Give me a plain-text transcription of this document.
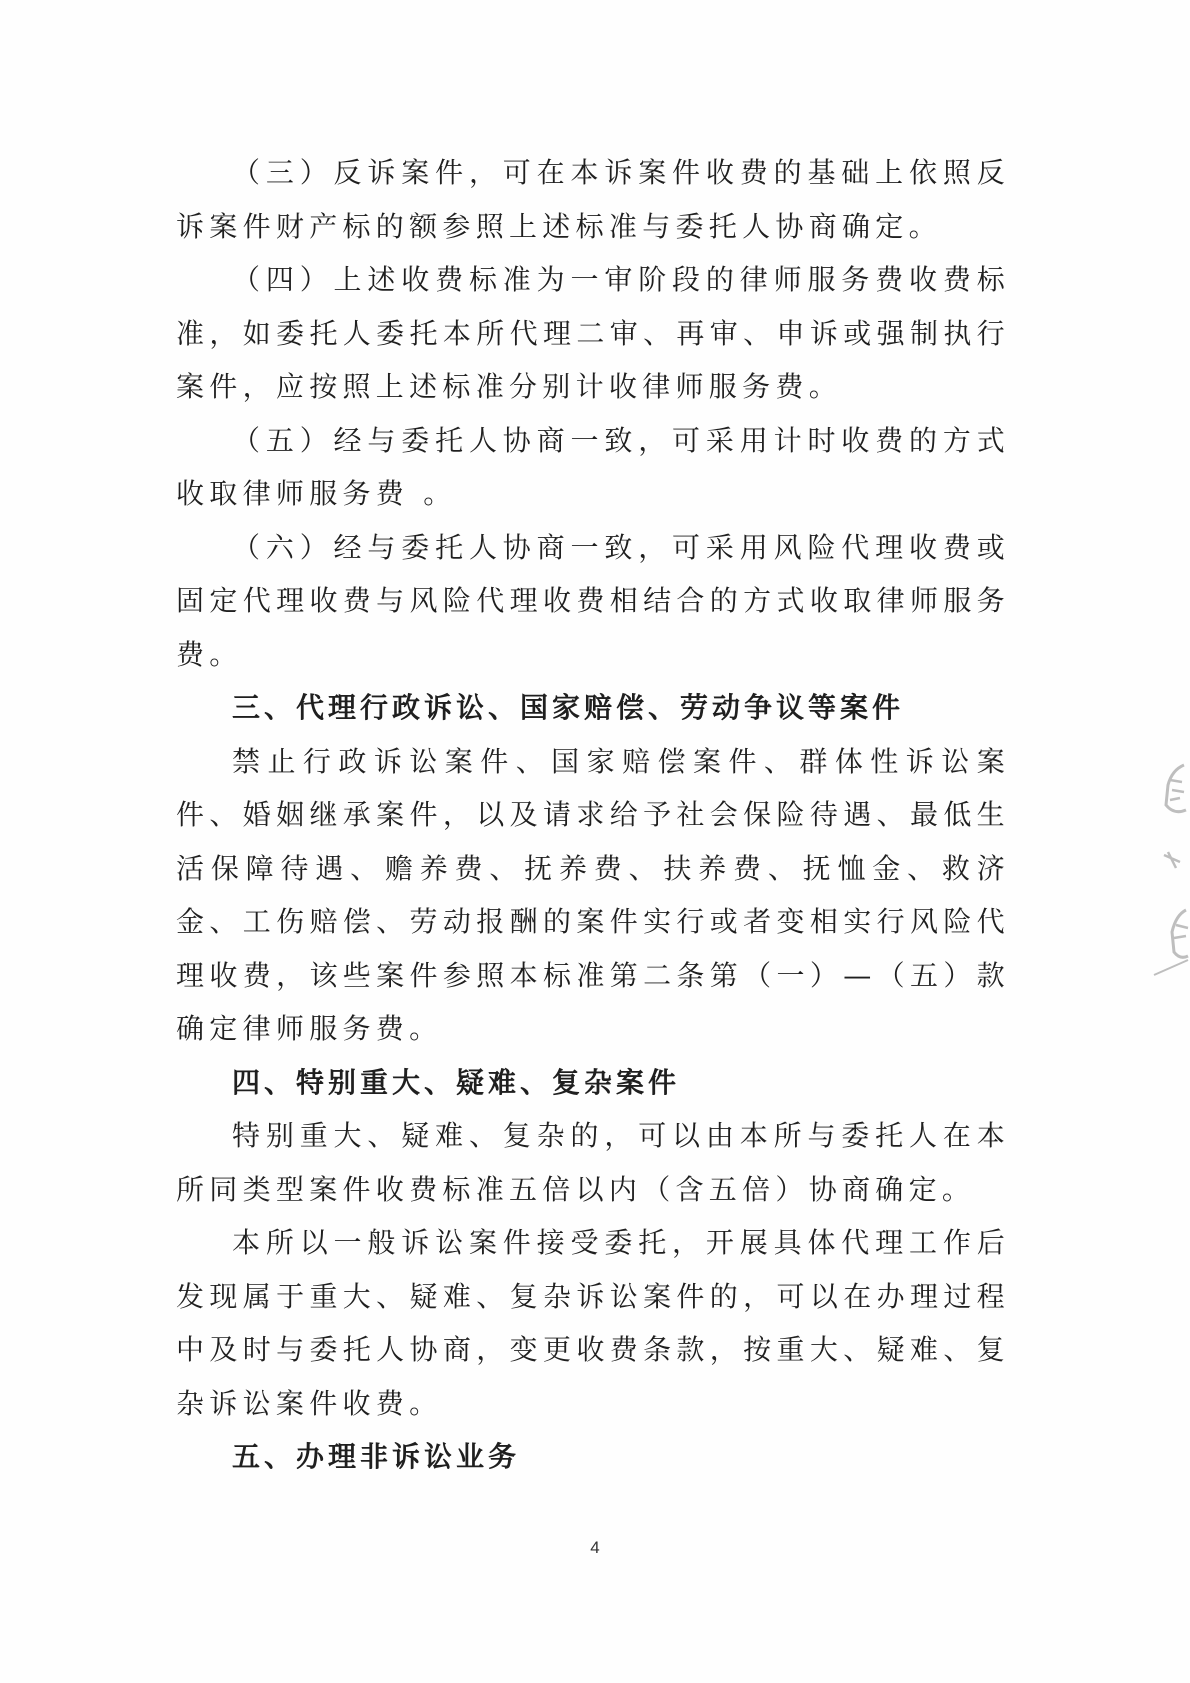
（三）反诉案件，可在本诉案件收费的基础上依照反诉案件财产标的额参照上述标准与委托人协商确定。

（四）上述收费标准为一审阶段的律师服务费收费标准，如委托人委托本所代理二审、再审、申诉或强制执行案件，应按照上述标准分别计收律师服务费。

（五）经与委托人协商一致，可采用计时收费的方式收取律师服务费 。

（六）经与委托人协商一致，可采用风险代理收费或固定代理收费与风险代理收费相结合的方式收取律师服务费。

三、代理行政诉讼、国家赔偿、劳动争议等案件

禁止行政诉讼案件、国家赔偿案件、群体性诉讼案件、婚姻继承案件，以及请求给予社会保险待遇、最低生活保障待遇、赡养费、抚养费、扶养费、抚恤金、救济金、工伤赔偿、劳动报酬的案件实行或者变相实行风险代理收费，该些案件参照本标准第二条第（一）—（五）款确定律师服务费。

四、特别重大、疑难、复杂案件

特别重大、疑难、复杂的，可以由本所与委托人在本所同类型案件收费标准五倍以内（含五倍）协商确定。

本所以一般诉讼案件接受委托，开展具体代理工作后发现属于重大、疑难、复杂诉讼案件的，可以在办理过程中及时与委托人协商，变更收费条款，按重大、疑难、复杂诉讼案件收费。

五、办理非诉讼业务

4
